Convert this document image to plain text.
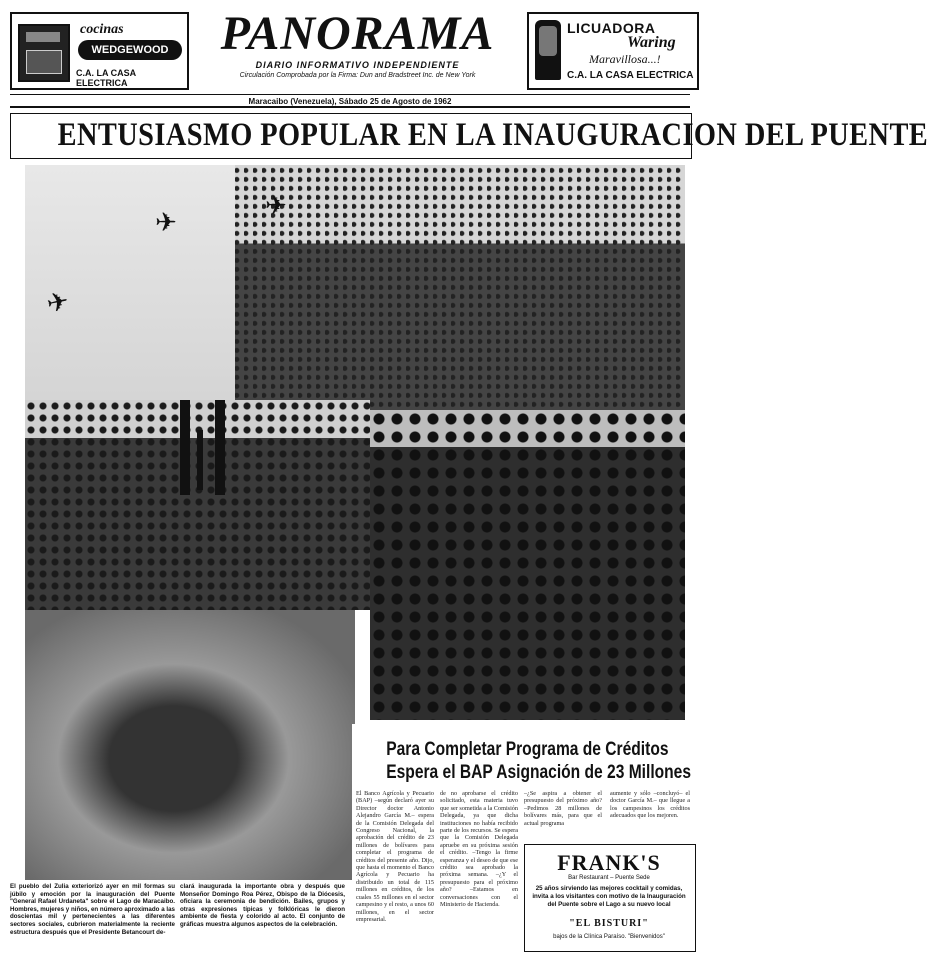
cocinas
WEDGEWOOD
C.A. LA CASA ELECTRICA
PANORAMA
DIARIO INFORMATIVO INDEPENDIENTE
Circulación Comprobada por la Firma: Dun and Bradstreet Inc. de New York
LICUADORA
Waring
Maravillosa...!
C.A. LA CASA ELECTRICA
Maracaibo (Venezuela), Sábado 25 de Agosto de 1962
ENTUSIASMO POPULAR EN LA INAUGURACION DEL PUENTE
✈
✈
✈
Para Completar Programa de Créditos
Espera el BAP Asignación de 23 Millones
El Banco Agrícola y Pecuario (BAP) –según declaró ayer su Director doctor Antonio Alejandro García M.– espera de la Comisión Delegada del Congreso Nacional, la aprobación del crédito de 23 millones de bolívares para completar el programa de créditos del presente año. Dijo, que hasta el momento el Banco Agrícola y Pecuario ha distribuido un total de 115 millones en créditos, de los cuales 55 millones en el sector campesino y el resto, a unos 60 millones, en el sector empresarial.
de no aprobarse el crédito solicitado, esta materia tuvo que ser sometida a la Comisión Delegada, ya que dicha instituciones no había recibido parte de los recursos. Se espera que la Comisión Delegada apruebe en su próxima sesión el crédito. –Tengo la firme esperanza y el deseo de que ese crédito sea aprobado la próxima semana. –¿Y el presupuesto para el próximo año? –Estamos en conversaciones con el Ministerio de Hacienda.
–¿Se aspira a obtener el presupuesto del próximo año? –Pedimos 28 millones de bolívares más, para que el actual programa
aumente y sólo –concluyó– el doctor García M.– que llegue a los campesinos los créditos adecuados que los mejoren.
FRANK'S
Bar Restaurant – Puente Sede
25 años sirviendo las mejores cocktail y comidas, invita a los visitantes con motivo de la Inauguración del Puente sobre el Lago a su nuevo local
"EL BISTURI"
bajos de la Clínica Paraíso. "Bienvenidos"
El pueblo del Zulia exteriorizó ayer en mil formas su júbilo y emoción por la inauguración del Puente "General Rafael Urdaneta" sobre el Lago de Maracaibo. Hombres, mujeres y niños, en número aproximado a las doscientas mil y pertenecientes a las diferentes sectores sociales, cubrieron materialmente la reciente estructura después que el Presidente Betancourt de-
clará inaugurada la importante obra y después que Monseñor Domingo Roa Pérez, Obispo de la Diócesis, oficiara la ceremonia de bendición. Bailes, grupos y otras expresiones típicas y folklóricas le dieron ambiente de fiesta y colorido al acto. El conjunto de gráficas muestra algunos aspectos de la celebración.
